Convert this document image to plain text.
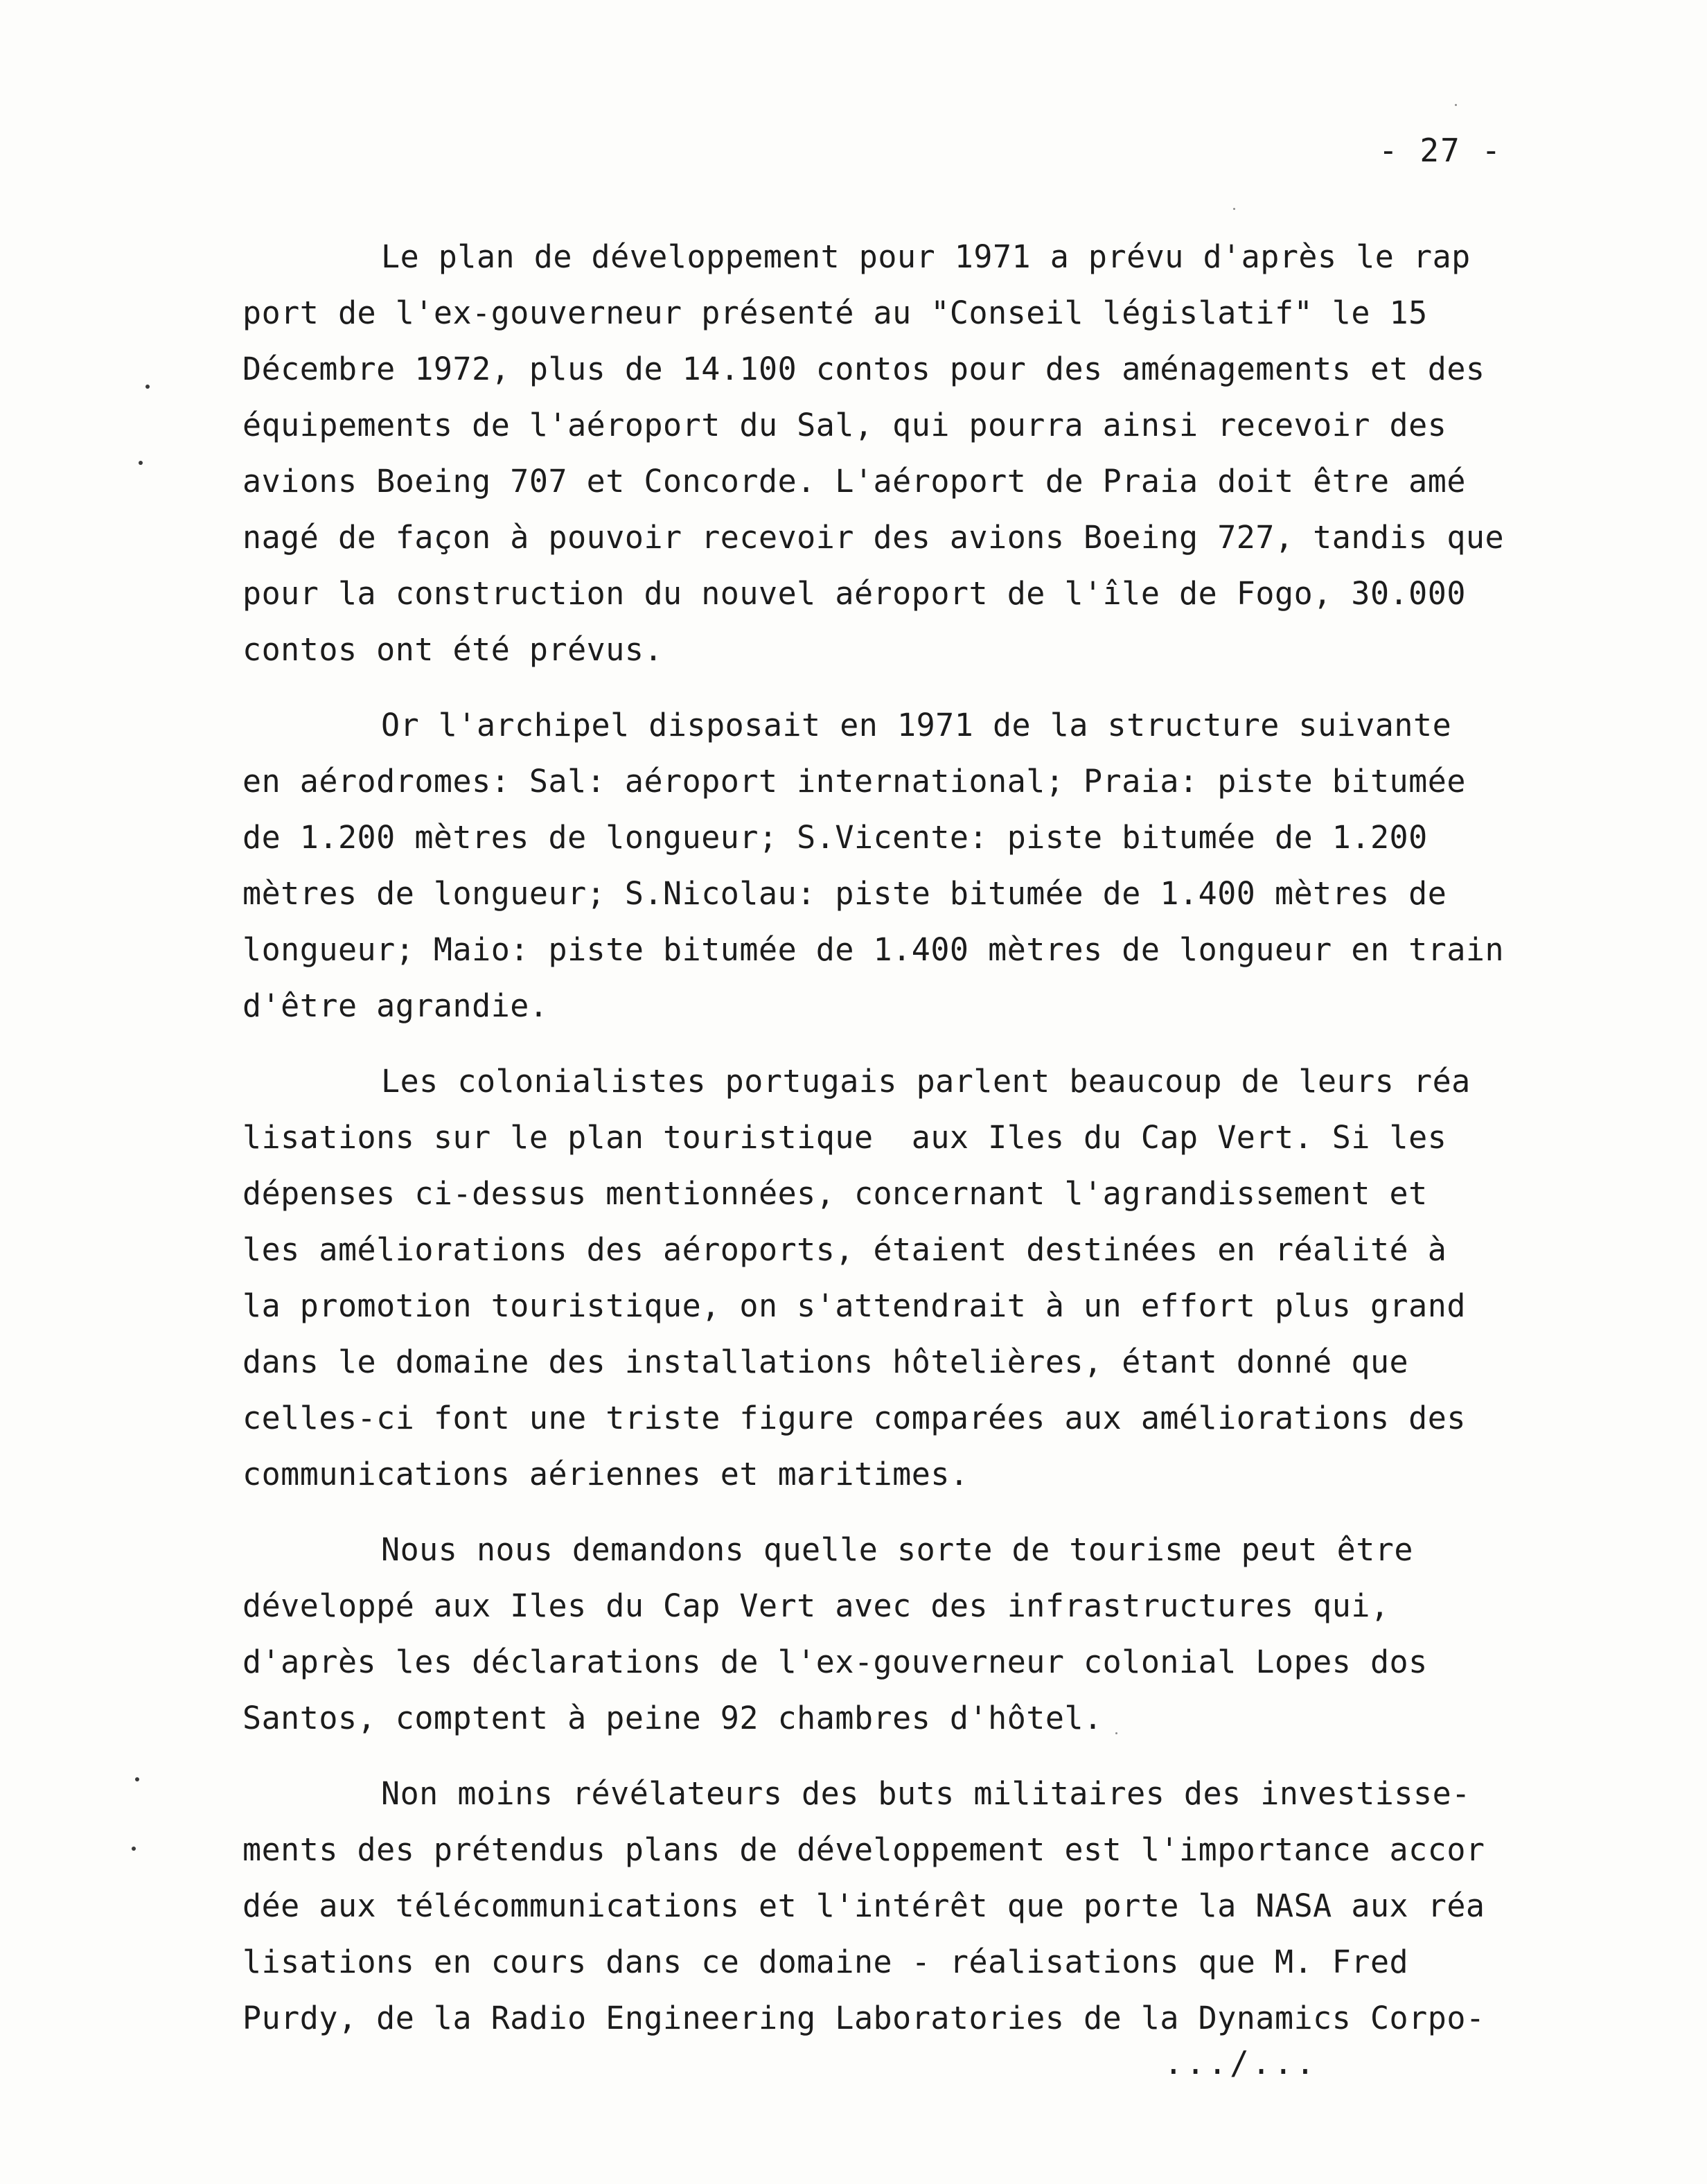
- 27 -
Le plan de développement pour 1971 a prévu d'après le rap
port de l'ex-gouverneur présenté au "Conseil législatif" le 15
Décembre 1972, plus de 14.100 contos pour des aménagements et des
équipements de l'aéroport du Sal, qui pourra ainsi recevoir des
avions Boeing 707 et Concorde. L'aéroport de Praia doit être amé
nagé de façon à pouvoir recevoir des avions Boeing 727, tandis que
pour la construction du nouvel aéroport de l'île de Fogo, 30.000
contos ont été prévus.
Or l'archipel disposait en 1971 de la structure suivante
en aérodromes: Sal: aéroport international; Praia: piste bitumée
de 1.200 mètres de longueur; S.Vicente: piste bitumée de 1.200
mètres de longueur; S.Nicolau: piste bitumée de 1.400 mètres de
longueur; Maio: piste bitumée de 1.400 mètres de longueur en train
d'être agrandie.
Les colonialistes portugais parlent beaucoup de leurs réa
lisations sur le plan touristique  aux Iles du Cap Vert. Si les
dépenses ci-dessus mentionnées, concernant l'agrandissement et
les améliorations des aéroports, étaient destinées en réalité à
la promotion touristique, on s'attendrait à un effort plus grand
dans le domaine des installations hôtelières, étant donné que
celles-ci font une triste figure comparées aux améliorations des
communications aériennes et maritimes.
Nous nous demandons quelle sorte de tourisme peut être
développé aux Iles du Cap Vert avec des infrastructures qui,
d'après les déclarations de l'ex-gouverneur colonial Lopes dos
Santos, comptent à peine 92 chambres d'hôtel.
Non moins révélateurs des buts militaires des investisse-
ments des prétendus plans de développement est l'importance accor
dée aux télécommunications et l'intérêt que porte la NASA aux réa
lisations en cours dans ce domaine - réalisations que M. Fred
Purdy, de la Radio Engineering Laboratories de la Dynamics Corpo-
.../...
